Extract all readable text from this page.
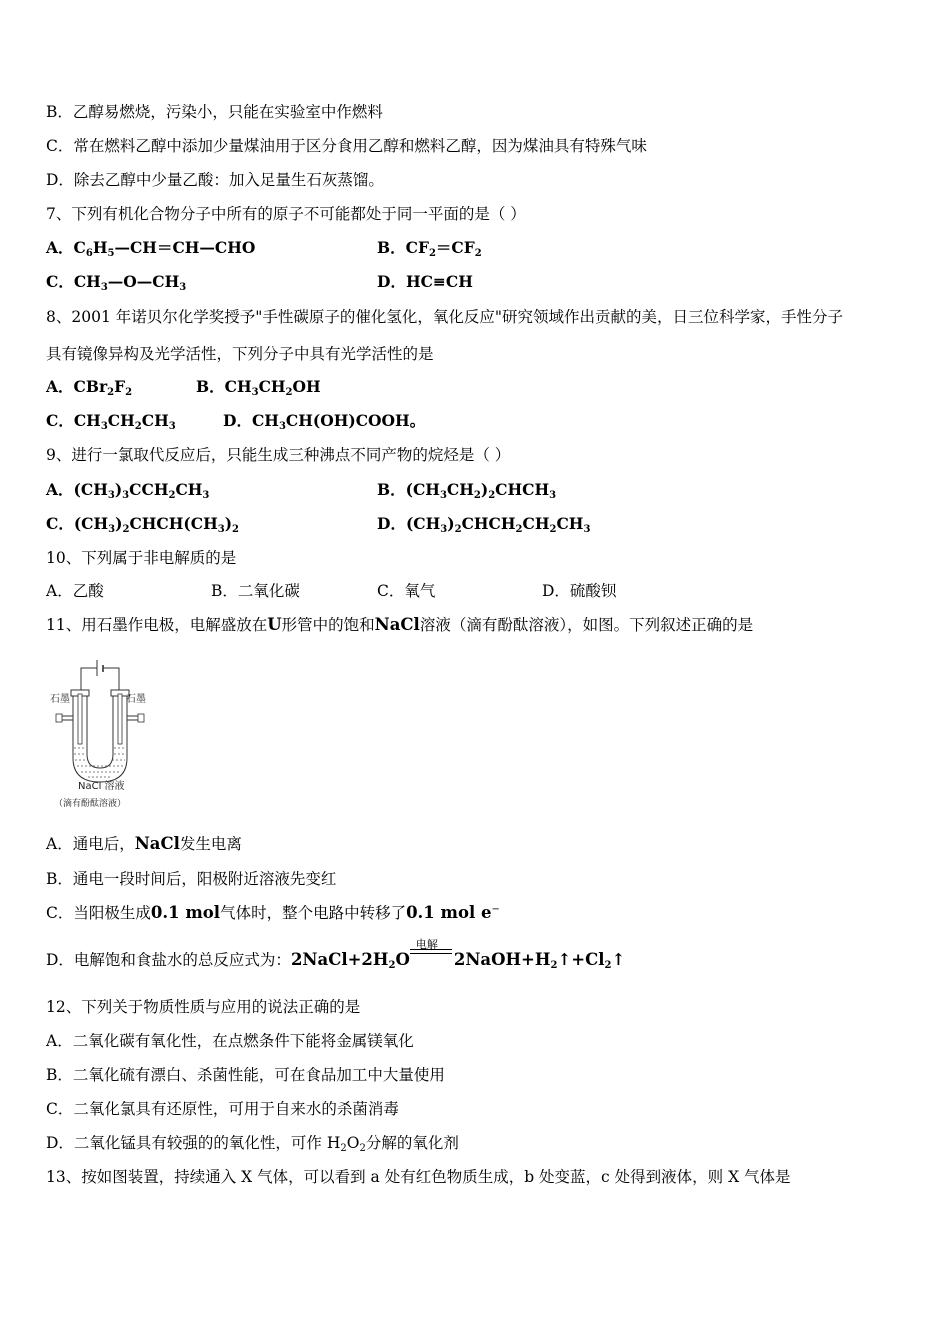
B．乙醇易燃烧，污染小，只能在实验室中作燃料
C．常在燃料乙醇中添加少量煤油用于区分食用乙醇和燃料乙醇，因为煤油具有特殊气味
D．除去乙醇中少量乙酸：加入足量生石灰蒸馏。
7、下列有机化合物分子中所有的原子不可能都处于同一平面的是（ ）
A．$C_6H_5—CH=CH—CHO$	B．$CF_2=CF_2$
C．$CH_3—O—CH_3$	D．HC≡CH
8、2001 年诺贝尔化学奖授予"手性碳原子的催化氢化，氧化反应"研究领域作出贡献的美，日三位科学家，手性分子
具有镜像异构及光学活性，下列分子中具有光学活性的是
A．$CBr_2F_2$	B．$CH_3CH_2OH$
C．$CH_3CH_2CH_3$	D．$CH_3CH(OH)COOH$。
9、进行一氯取代反应后，只能生成三种沸点不同产物的烷烃是（ ）
A．$(CH_3)_3CCH_2CH_3$	B．$(CH_3CH_2)_2CHCH_3$
C．$(CH_3)_2CHCH(CH_3)_2$	D．$(CH_3)_2CHCH_2CH_2CH_3$
10、下列属于非电解质的是
A．乙酸	B．二氧化碳	C．氧气	D．硫酸钡
11、用石墨作电极，电解盛放在U形管中的饱和NaCl溶液（滴有酚酞溶液），如图。下列叙述正确的是
石墨	石墨
NaCl 溶液
（滴有酚酞溶液）
A．通电后，NaCl发生电离
B．通电一段时间后，阳极附近溶液先变红
C．当阳极生成0.1 mol气体时，整个电路中转移了0.1 mol e−
D．电解饱和食盐水的总反应式为：$2NaCl+2H_2O$
电解
$2NaOH+H_2↑+Cl_2↑$
12、下列关于物质性质与应用的说法正确的是
A．二氧化碳有氧化性，在点燃条件下能将金属镁氧化
B．二氧化硫有漂白、杀菌性能，可在食品加工中大量使用
C．二氧化氯具有还原性，可用于自来水的杀菌消毒
D．二氧化锰具有较强的的氧化性，可作 $H_2O_2$分解的氧化剂
13、按如图装置，持续通入 X 气体，可以看到 a 处有红色物质生成，b 处变蓝，c 处得到液体，则 X 气体是
